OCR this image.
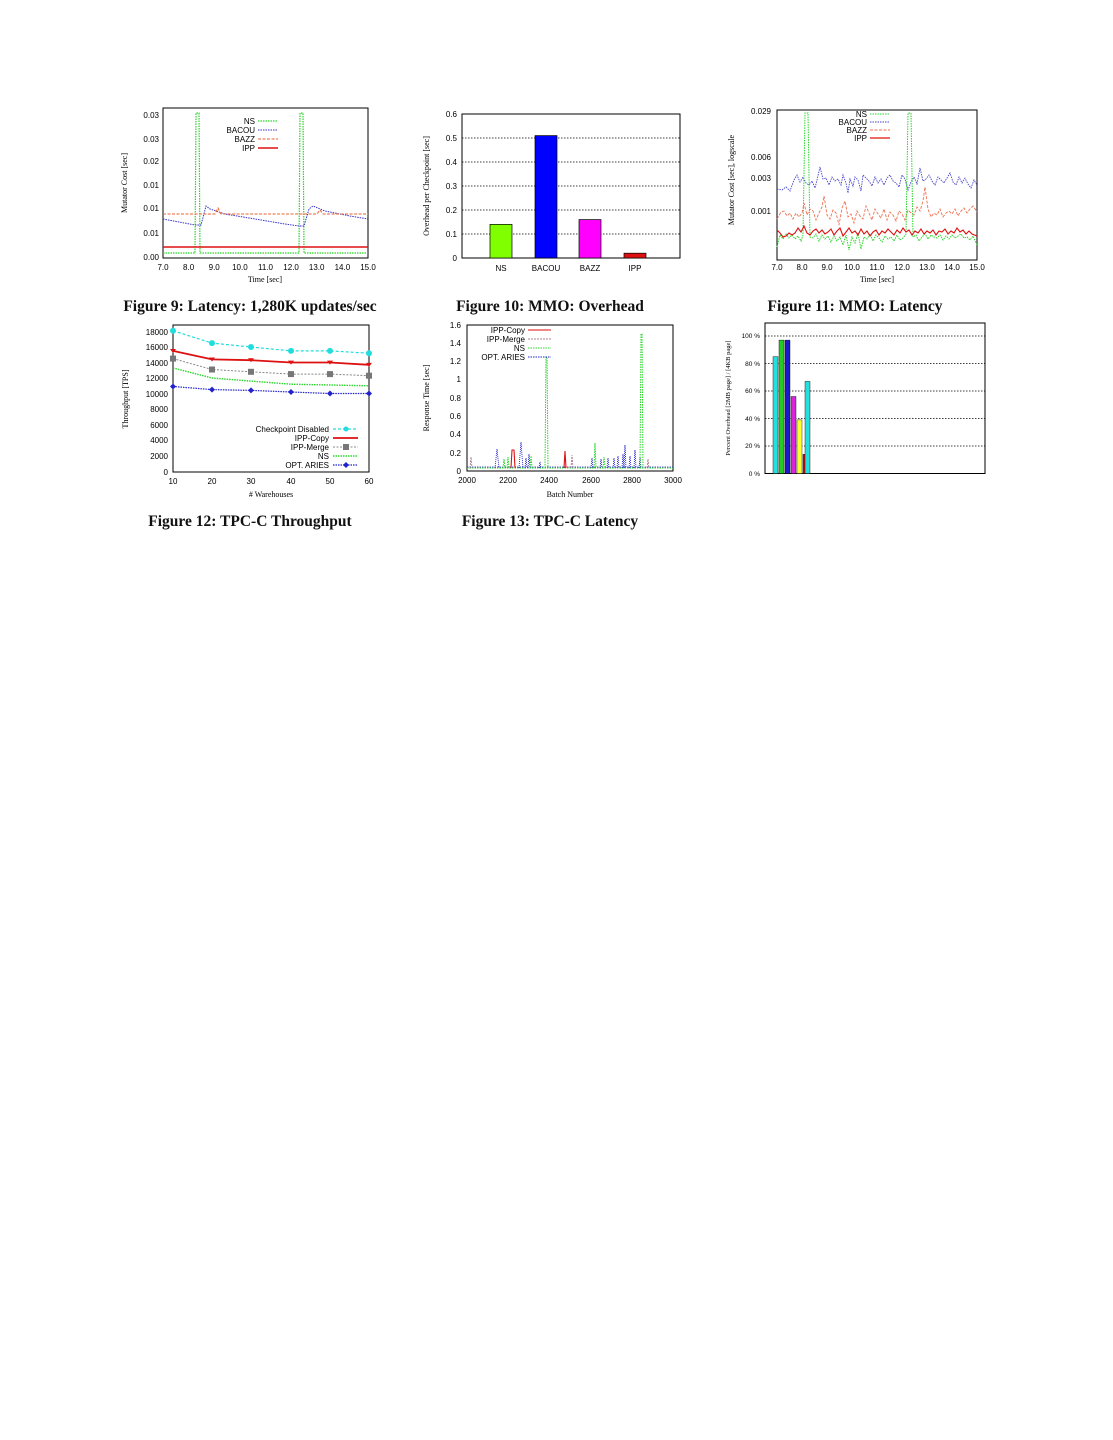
0.00
0.01
0.01
0.01
0.02
0.03
0.03
7.0 8.0 9.0 10.0 11.0 12.0 13.0 14.0 15.0
Time [sec]
Mutator Cost [sec]
NS
BACOU
BAZZ
IPP
Figure 9: Latency: 1,280K updates/sec
0
0.1
0.2
0.3
0.4
0.5
0.6
Overhead per Checkpoint [sec]
NS	BACOU BAZZ	IPP
Figure 10: MMO: Overhead
0.029
0.006
0.003
0.001
7.0 8.0 9.0 10.0 11.0 12.0 13.0 14.0 15.0
Time [sec]
Mutator Cost [sec], logscale
NS
BACOU
BAZZ
IPP
Figure 11: MMO: Latency
0
2000
4000
6000
8000
10000
12000
14000
16000
18000
10	20	30	40	50	60
# Warehouses
Throughput [TPS]
Checkpoint Disabled
IPP-Copy
IPP-Merge
NS
OPT. ARIES
Figure 12: TPC-C Throughput
0
0.2
0.4
0.6
0.8
1
1.2
1.4
1.6
2000	2200	2400	2600	2800	3000
Batch Number
Response Time [sec]
IPP-Copy
IPP-Merge
NS
OPT. ARIES
Figure 13: TPC-C Latency
0 %
20 %
40 %
60 %
80 %
100 %
Percent Overhead [2MB page] / [4KB page]
